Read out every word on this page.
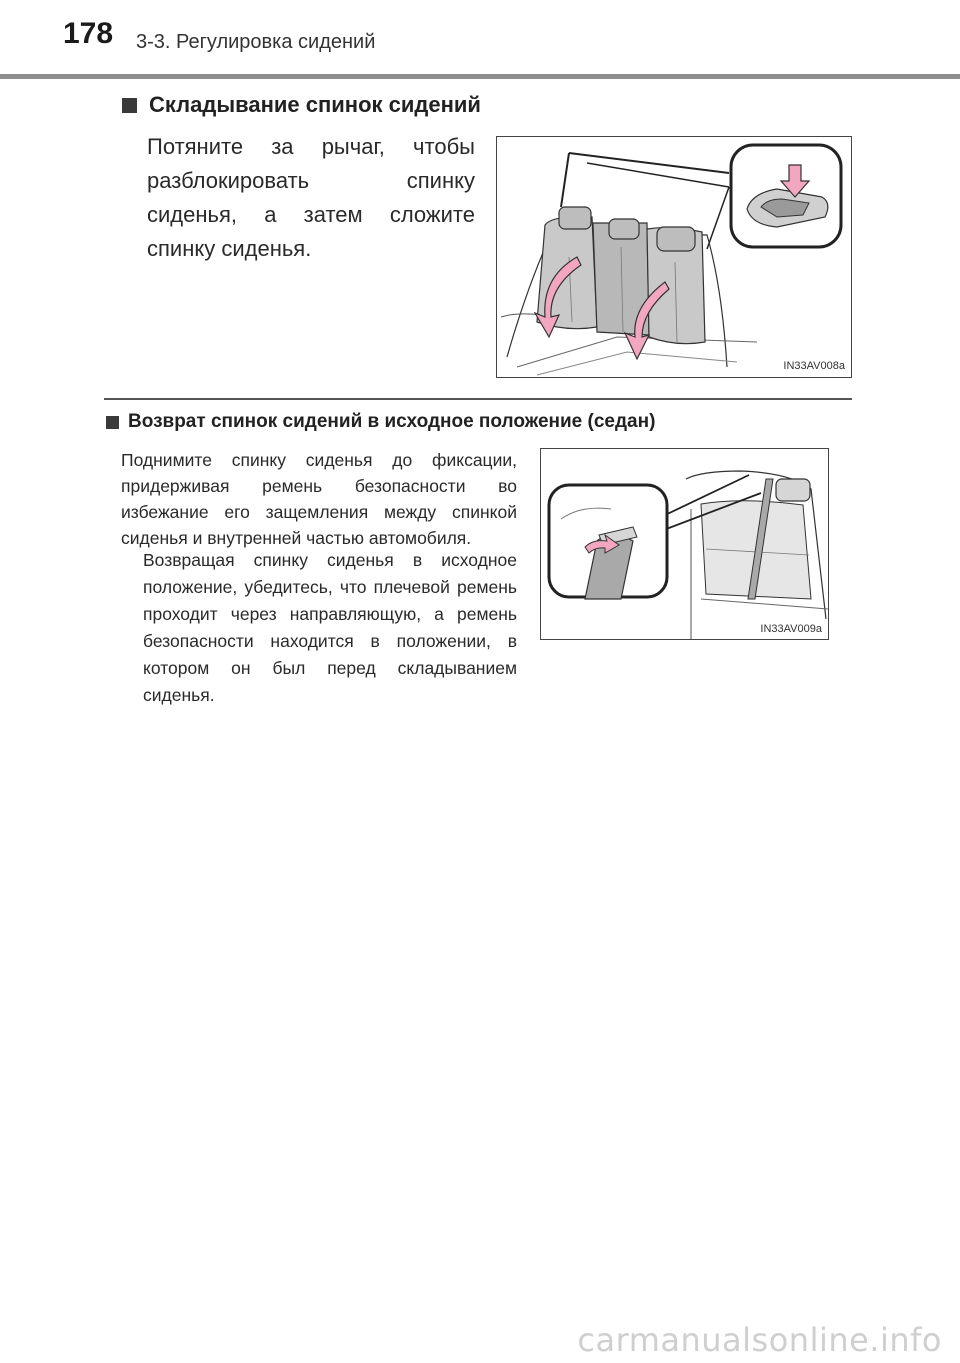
178 3-3. Регулировка сидений
Складывание спинок сидений
Потяните за рычаг, чтобы разблокировать спинку сиденья, а затем сложите спинку сиденья.
IN33AV008a
Возврат спинок сидений в исходное положение (седан)
Поднимите спинку сиденья до фиксации, придерживая ремень безопасности во избежание его защемления между спинкой сиденья и внутренней частью автомобиля.
Возвращая спинку сиденья в исходное положение, убедитесь, что плечевой ремень проходит через направляющую, а ремень безопасности находится в положении, в котором он был перед складыванием сиденья.
IN33AV009a
carmanualsonline.info
